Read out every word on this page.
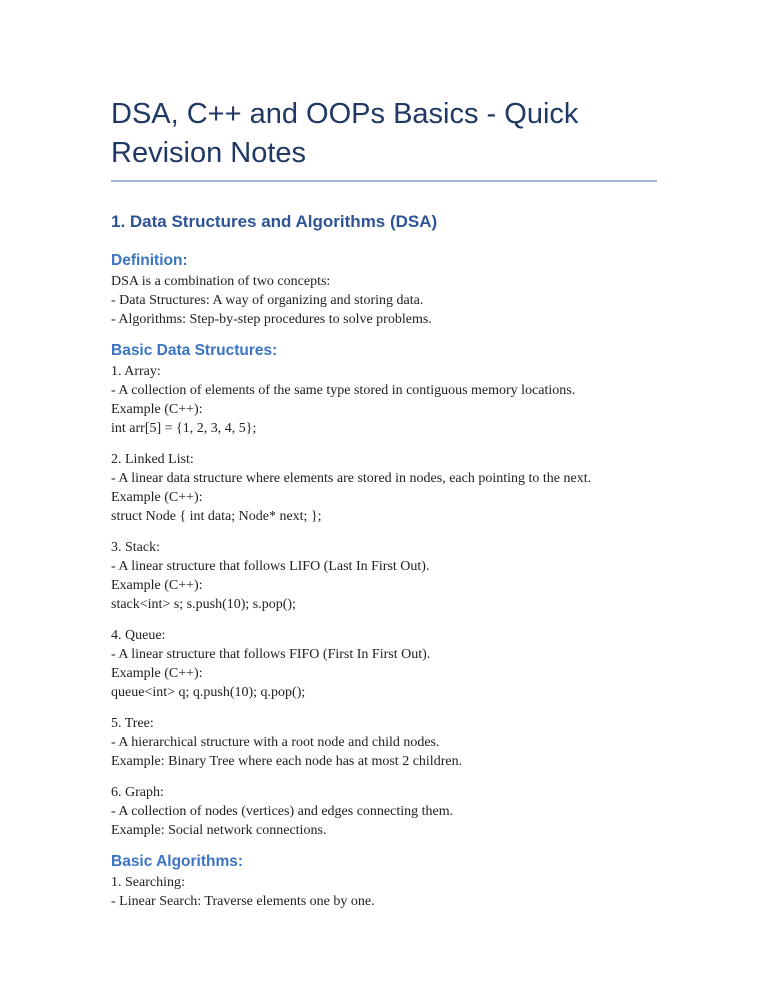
DSA, C++ and OOPs Basics - Quick Revision Notes
1. Data Structures and Algorithms (DSA)
Definition:
DSA is a combination of two concepts:
- Data Structures: A way of organizing and storing data.
- Algorithms: Step-by-step procedures to solve problems.
Basic Data Structures:
1. Array:
- A collection of elements of the same type stored in contiguous memory locations.
Example (C++):
int arr[5] = {1, 2, 3, 4, 5};
2. Linked List:
- A linear data structure where elements are stored in nodes, each pointing to the next.
Example (C++):
struct Node { int data; Node* next; };
3. Stack:
- A linear structure that follows LIFO (Last In First Out).
Example (C++):
stack<int> s; s.push(10); s.pop();
4. Queue:
- A linear structure that follows FIFO (First In First Out).
Example (C++):
queue<int> q; q.push(10); q.pop();
5. Tree:
- A hierarchical structure with a root node and child nodes.
Example: Binary Tree where each node has at most 2 children.
6. Graph:
- A collection of nodes (vertices) and edges connecting them.
Example: Social network connections.
Basic Algorithms:
1. Searching:
- Linear Search: Traverse elements one by one.
